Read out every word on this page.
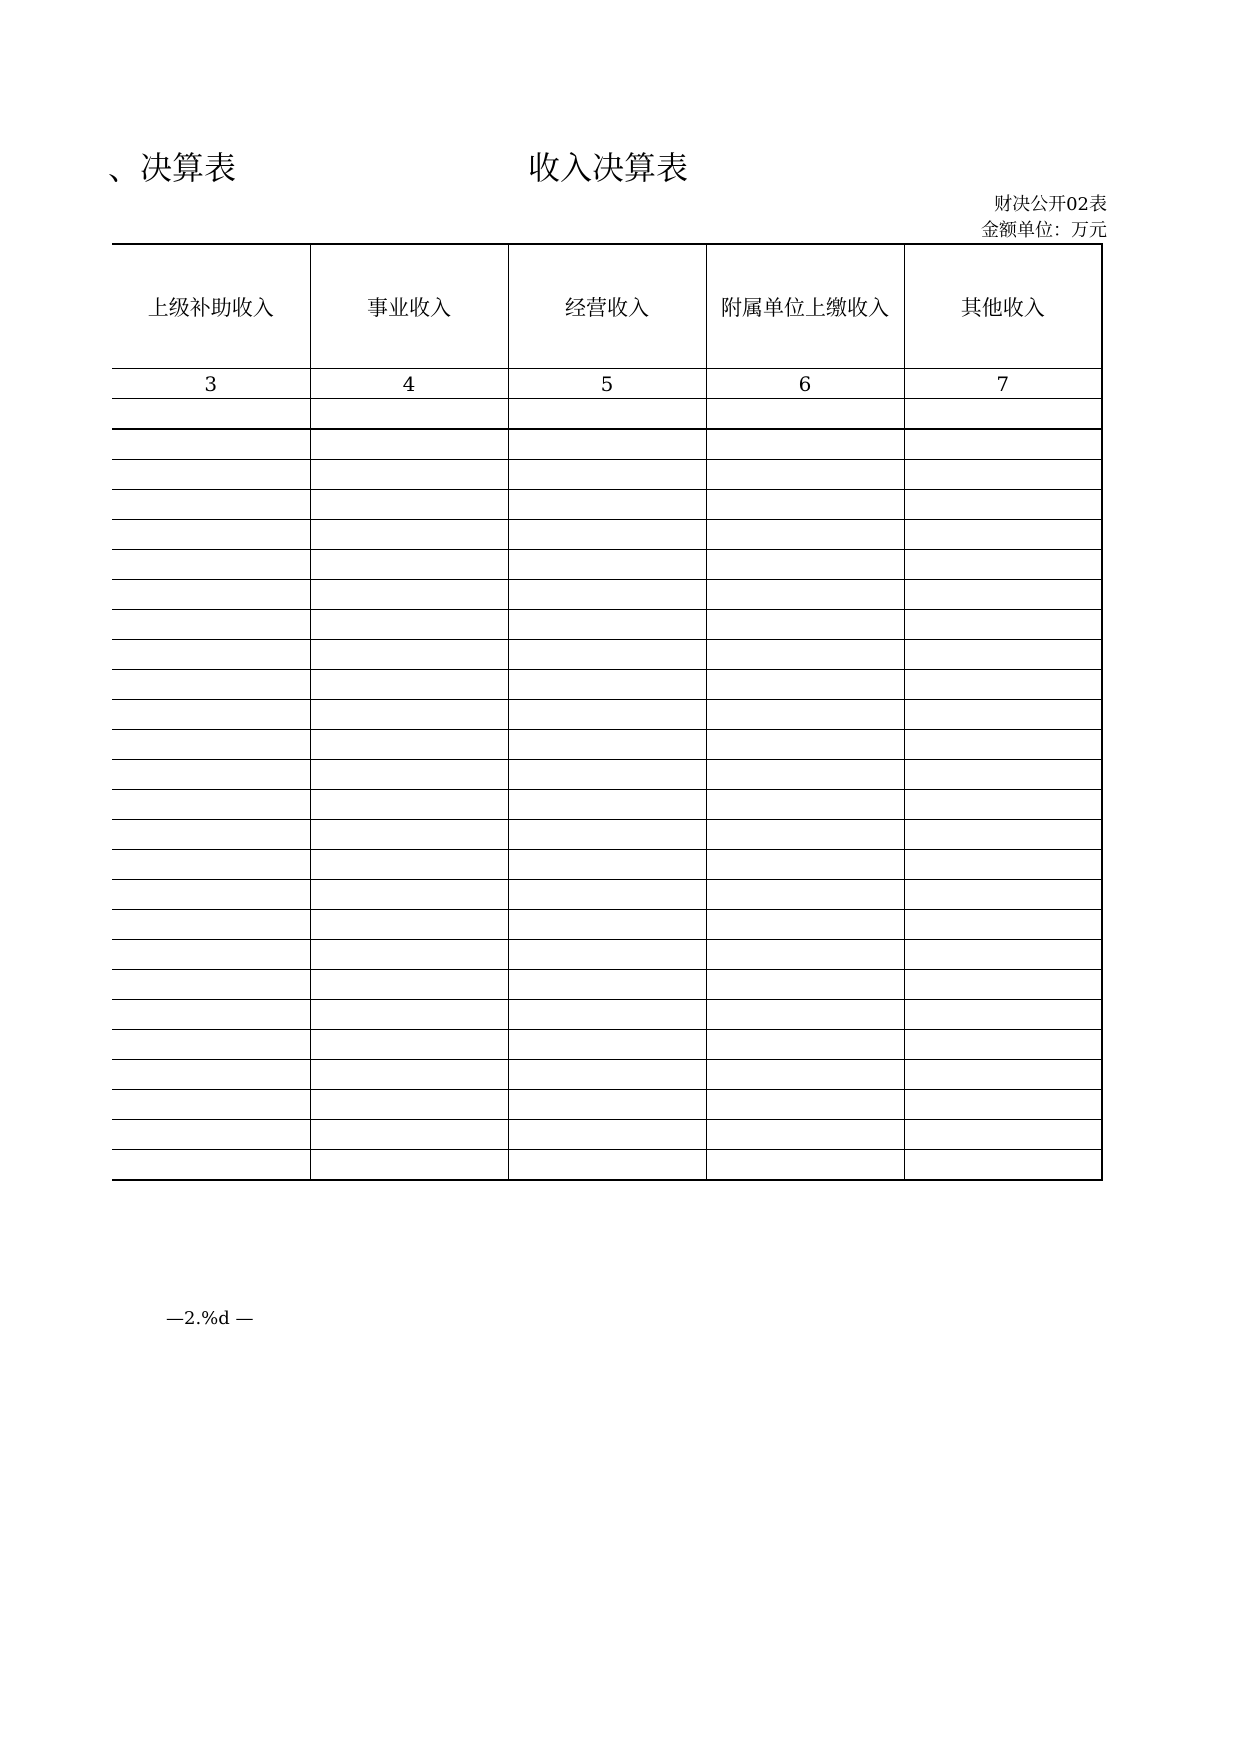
、决算表	收入决算表
财决公开02表
金额单位：万元
上级补助收入	事业收入	经营收入	附属单位上缴收入	其他收入
3	4	5	6	7

—2.%d —
